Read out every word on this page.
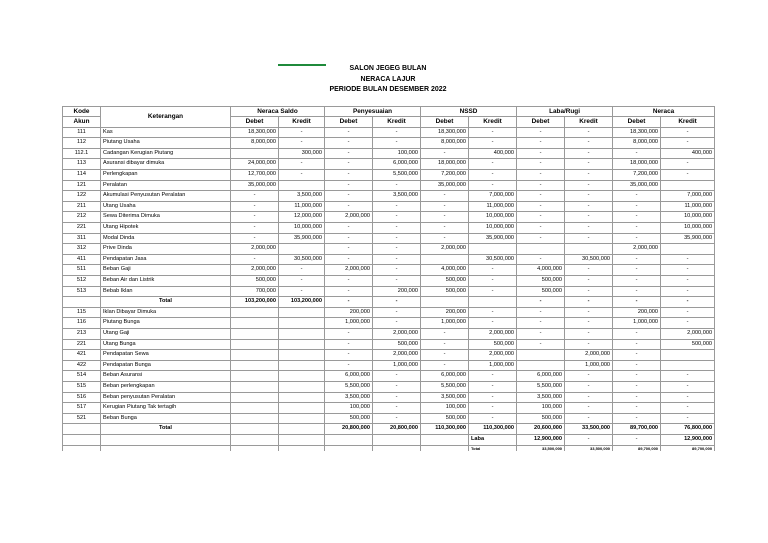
SALON JEGEG BULAN
NERACA LAJUR
PERIODE BULAN DESEMBER 2022
Kode	Keterangan	Neraca Saldo		Penyesuaian		NSSD		Laba/Rugi		Neraca	
Akun		Debet	Kredit	Debet	Kredit	Debet	Kredit	Debet	Kredit	Debet	Kredit
111	Kas	18,300,000	-	-	-	18,300,000	-	-	-	18,300,000	-
112	Piutang Usaha	8,000,000	-	-	-	8,000,000	-	-	-	8,000,000	-
112.1	Cadangan Kerugian Piutang		300,000	-	100,000	-	400,000	-	-	-	400,000
113	Asuransi dibayar dimuka	24,000,000	-	-	6,000,000	18,000,000	-	-	-	18,000,000	-
114	Perlengkapan	12,700,000	-	-	5,500,000	7,200,000	-	-	-	7,200,000	-
121	Peralatan	35,000,000		-	-	35,000,000	-	-	-	35,000,000	
122	Akumulasi Penyusutan Peralatan	-	3,500,000	-	3,500,000	-	7,000,000	-	-	-	7,000,000
211	Utang Usaha	-	11,000,000	-	-	-	11,000,000	-	-	-	11,000,000
212	Sewa Diterima Dimuka	-	12,000,000	2,000,000	-	-	10,000,000	-	-	-	10,000,000
221	Utang Hipotek	-	10,000,000	-	-	-	10,000,000	-	-	-	10,000,000
311	Modal Dinda	-	35,900,000	-	-	-	35,900,000	-	-	-	35,900,000
312	Prive Dinda	2,000,000		-	-	2,000,000				2,000,000	
411	Pendapatan Jasa	-	30,500,000	-	-		30,500,000	-	30,500,000	-	-
511	Beban Gaji	2,000,000	-	2,000,000	-	4,000,000	-	4,000,000	-	-	-
512	Beban Air dan Listrik	500,000	-	-	-	500,000	-	500,000	-	-	-
513	Bebab Iklan	700,000	-	-	200,000	500,000	-	500,000	-	-	-
	Total	103,200,000	103,200,000	-	-			-	-	-	-
115	Iklan Dibayar Dimuka			200,000	-	200,000	-	-	-	200,000	-
116	Piutang Bunga			1,000,000	-	1,000,000	-	-	-	1,000,000	-
213	Utang Gaji			-	2,000,000	-	2,000,000	-	-	-	2,000,000
221	Utang Bunga			-	500,000	-	500,000	-	-	-	500,000
421	Pendapatan Sewa			-	2,000,000	-	2,000,000		2,000,000	-	
422	Pendapatan Bunga			-	1,000,000	-	1,000,000		1,000,000	-	
514	Beban Asuransi			6,000,000	-	6,000,000	-	6,000,000	-	-	-
515	Beban perlengkapan			5,500,000	-	5,500,000	-	5,500,000	-	-	-
516	Beban penyusutan Peralatan			3,500,000	-	3,500,000	-	3,500,000	-	-	-
517	Kerugian Piutang Tak tertagih			100,000	-	100,000	-	100,000	-	-	-
521	Beban Bunga			500,000	-	500,000	-	500,000	-	-	-
	Total			20,800,000	20,800,000	110,300,000	110,300,000	20,600,000	33,500,000	89,700,000	76,800,000
							Laba	12,900,000	-	-	12,900,000
							Total	33,500,000	33,500,000	89,700,000	89,700,000
